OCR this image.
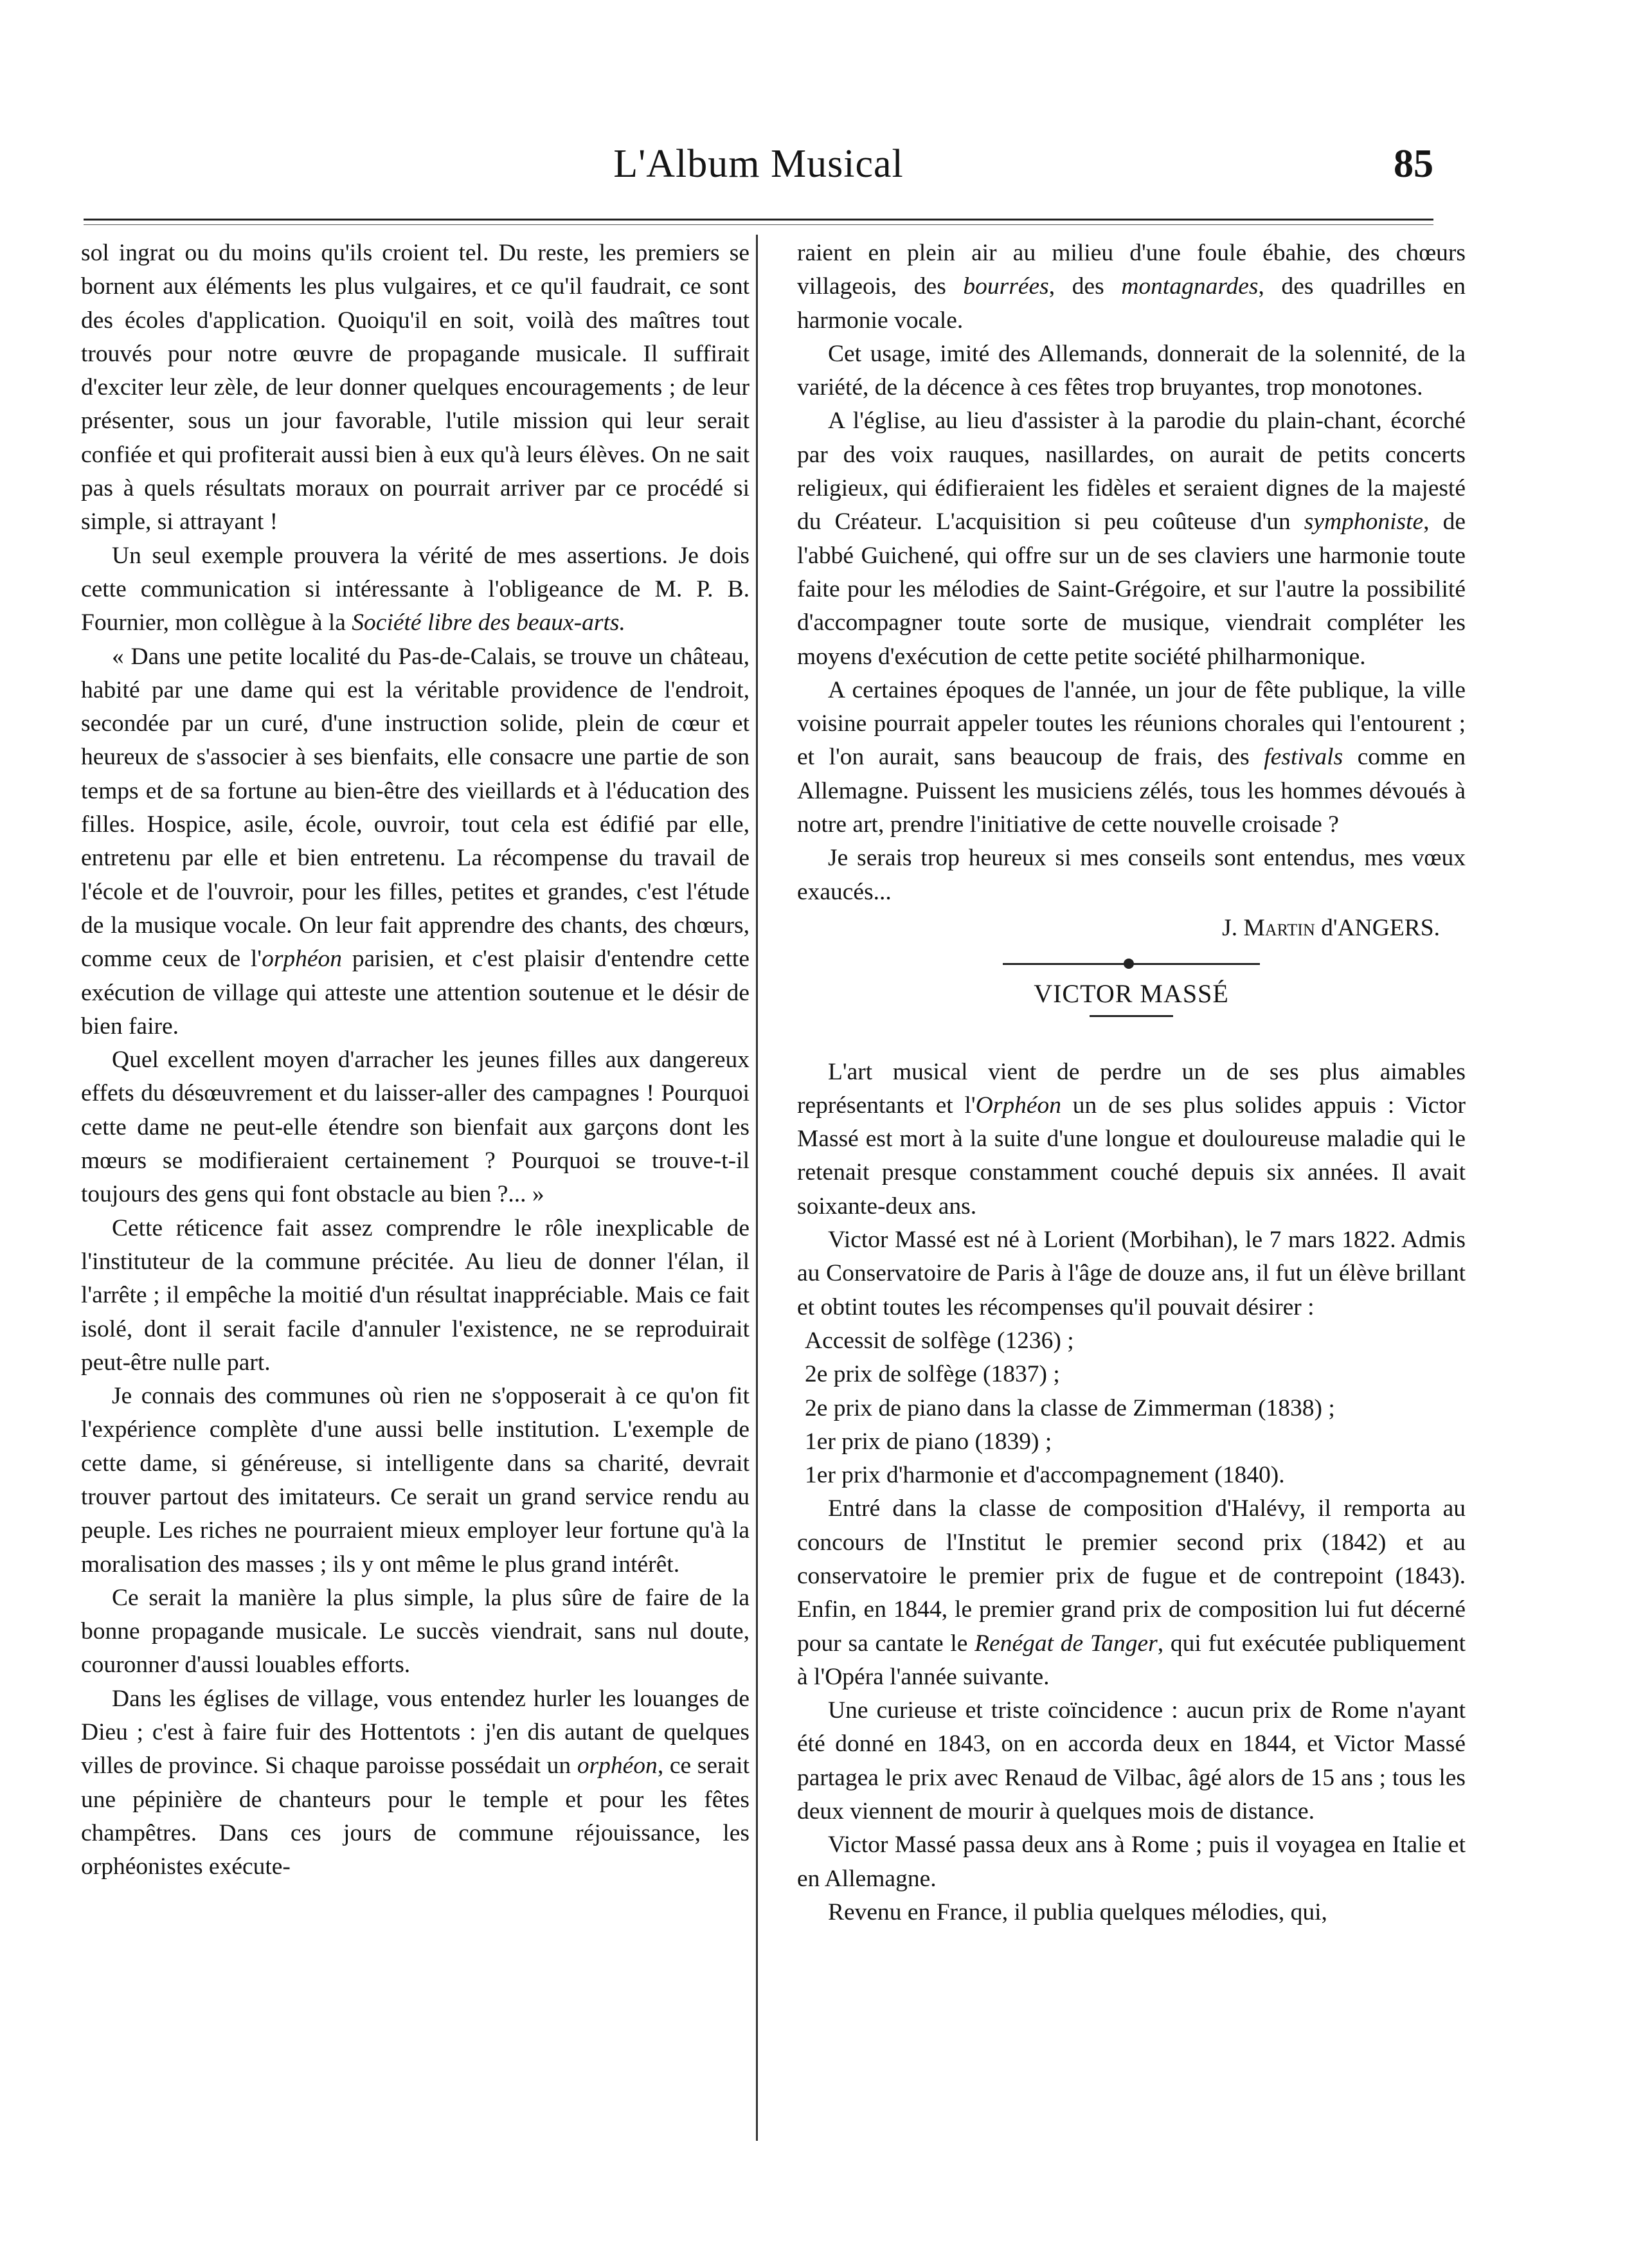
L'Album Musical	85

sol ingrat ou du moins qu'ils croient tel. Du reste, les premiers se bornent aux éléments les plus vulgaires, et ce qu'il faudrait, ce sont des écoles d'application. Quoiqu'il en soit, voilà des maîtres tout trouvés pour notre œuvre de propagande musicale. Il suffirait d'exciter leur zèle, de leur donner quelques encouragements ; de leur présenter, sous un jour favorable, l'utile mission qui leur serait confiée et qui profiterait aussi bien à eux qu'à leurs élèves. On ne sait pas à quels résultats moraux on pourrait arriver par ce procédé si simple, si attrayant !

Un seul exemple prouvera la vérité de mes assertions. Je dois cette communication si intéressante à l'obligeance de M. P. B. Fournier, mon collègue à la Société libre des beaux-arts.

« Dans une petite localité du Pas-de-Calais, se trouve un château, habité par une dame qui est la véritable providence de l'endroit, secondée par un curé, d'une instruction solide, plein de cœur et heureux de s'associer à ses bienfaits, elle consacre une partie de son temps et de sa fortune au bien-être des vieillards et à l'éducation des filles. Hospice, asile, école, ouvroir, tout cela est édifié par elle, entretenu par elle et bien entretenu. La récompense du travail de l'école et de l'ouvroir, pour les filles, petites et grandes, c'est l'étude de la musique vocale. On leur fait apprendre des chants, des chœurs, comme ceux de l'orphéon parisien, et c'est plaisir d'entendre cette exécution de village qui atteste une attention soutenue et le désir de bien faire.

Quel excellent moyen d'arracher les jeunes filles aux dangereux effets du désœuvrement et du laisser-aller des campagnes ! Pourquoi cette dame ne peut-elle étendre son bienfait aux garçons dont les mœurs se modifieraient certainement ? Pourquoi se trouve-t-il toujours des gens qui font obstacle au bien ?... »

Cette réticence fait assez comprendre le rôle inexplicable de l'instituteur de la commune précitée. Au lieu de donner l'élan, il l'arrête ; il empêche la moitié d'un résultat inappréciable. Mais ce fait isolé, dont il serait facile d'annuler l'existence, ne se reproduirait peut-être nulle part.

Je connais des communes où rien ne s'opposerait à ce qu'on fit l'expérience complète d'une aussi belle institution. L'exemple de cette dame, si généreuse, si intelligente dans sa charité, devrait trouver partout des imitateurs. Ce serait un grand service rendu au peuple. Les riches ne pourraient mieux employer leur fortune qu'à la moralisation des masses ; ils y ont même le plus grand intérêt.

Ce serait la manière la plus simple, la plus sûre de faire de la bonne propagande musicale. Le succès viendrait, sans nul doute, couronner d'aussi louables efforts.

Dans les églises de village, vous entendez hurler les louanges de Dieu ; c'est à faire fuir des Hottentots : j'en dis autant de quelques villes de province. Si chaque paroisse possédait un orphéon, ce serait une pépinière de chanteurs pour le temple et pour les fêtes champêtres. Dans ces jours de commune réjouissance, les orphéonistes exécute-

raient en plein air au milieu d'une foule ébahie, des chœurs villageois, des bourrées, des montagnardes, des quadrilles en harmonie vocale.

Cet usage, imité des Allemands, donnerait de la solennité, de la variété, de la décence à ces fêtes trop bruyantes, trop monotones.

A l'église, au lieu d'assister à la parodie du plain-chant, écorché par des voix rauques, nasillardes, on aurait de petits concerts religieux, qui édifieraient les fidèles et seraient dignes de la majesté du Créateur. L'acquisition si peu coûteuse d'un symphoniste, de l'abbé Guichené, qui offre sur un de ses claviers une harmonie toute faite pour les mélodies de Saint-Grégoire, et sur l'autre la possibilité d'accompagner toute sorte de musique, viendrait compléter les moyens d'exécution de cette petite société philharmonique.

A certaines époques de l'année, un jour de fête publique, la ville voisine pourrait appeler toutes les réunions chorales qui l'entourent ; et l'on aurait, sans beaucoup de frais, des festivals comme en Allemagne. Puissent les musiciens zélés, tous les hommes dévoués à notre art, prendre l'initiative de cette nouvelle croisade ?

Je serais trop heureux si mes conseils sont entendus, mes vœux exaucés...

J. Martin d'ANGERS.

VICTOR MASSÉ

L'art musical vient de perdre un de ses plus aimables représentants et l'Orphéon un de ses plus solides appuis : Victor Massé est mort à la suite d'une longue et douloureuse maladie qui le retenait presque constamment couché depuis six années. Il avait soixante-deux ans.

Victor Massé est né à Lorient (Morbihan), le 7 mars 1822. Admis au Conservatoire de Paris à l'âge de douze ans, il fut un élève brillant et obtint toutes les récompenses qu'il pouvait désirer :

Accessit de solfège (1236) ;

2e prix de solfège (1837) ;

2e prix de piano dans la classe de Zimmerman (1838) ;

1er prix de piano (1839) ;

1er prix d'harmonie et d'accompagnement (1840).

Entré dans la classe de composition d'Halévy, il remporta au concours de l'Institut le premier second prix (1842) et au conservatoire le premier prix de fugue et de contrepoint (1843). Enfin, en 1844, le premier grand prix de composition lui fut décerné pour sa cantate le Renégat de Tanger, qui fut exécutée publiquement à l'Opéra l'année suivante.

Une curieuse et triste coïncidence : aucun prix de Rome n'ayant été donné en 1843, on en accorda deux en 1844, et Victor Massé partagea le prix avec Renaud de Vilbac, âgé alors de 15 ans ; tous les deux viennent de mourir à quelques mois de distance.

Victor Massé passa deux ans à Rome ; puis il voyagea en Italie et en Allemagne.

Revenu en France, il publia quelques mélodies, qui,
